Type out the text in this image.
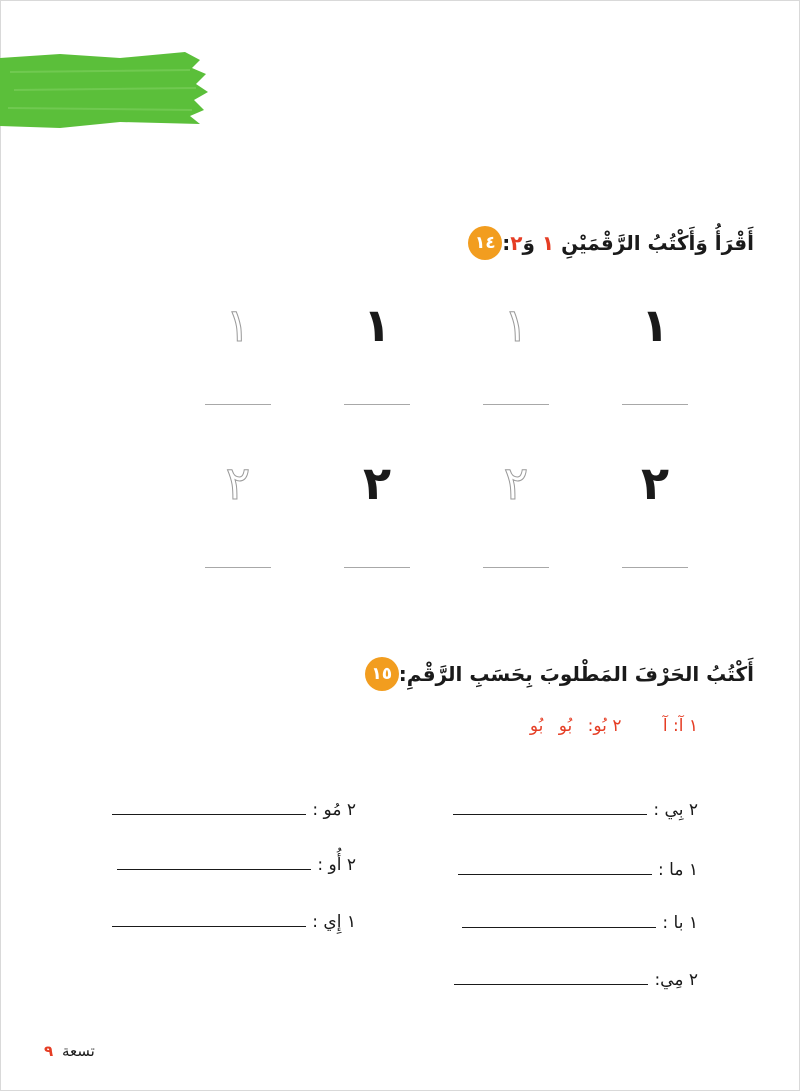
الدَّرسُ الأوّلُ
عائِلَتي الصَّغيرَةُ
١٤	أَقْرَأُ وَأَكْتُبُ الرَّقْمَيْنِ ١ وَ٢:
١
١
١
١
٢
٢
٢
٢
١٥ أَكْتُبُ الحَرْفَ المَطْلوبَ بِحَسَبِ الرَّقْمِ:
١ آ: آ ٢ بُو: بُو بُو
٢ بِي :
١ ما :
١ با :
٢ مِي:
٢ مُو :
٢ أُو :
١ إِي :
تسعة ٩
